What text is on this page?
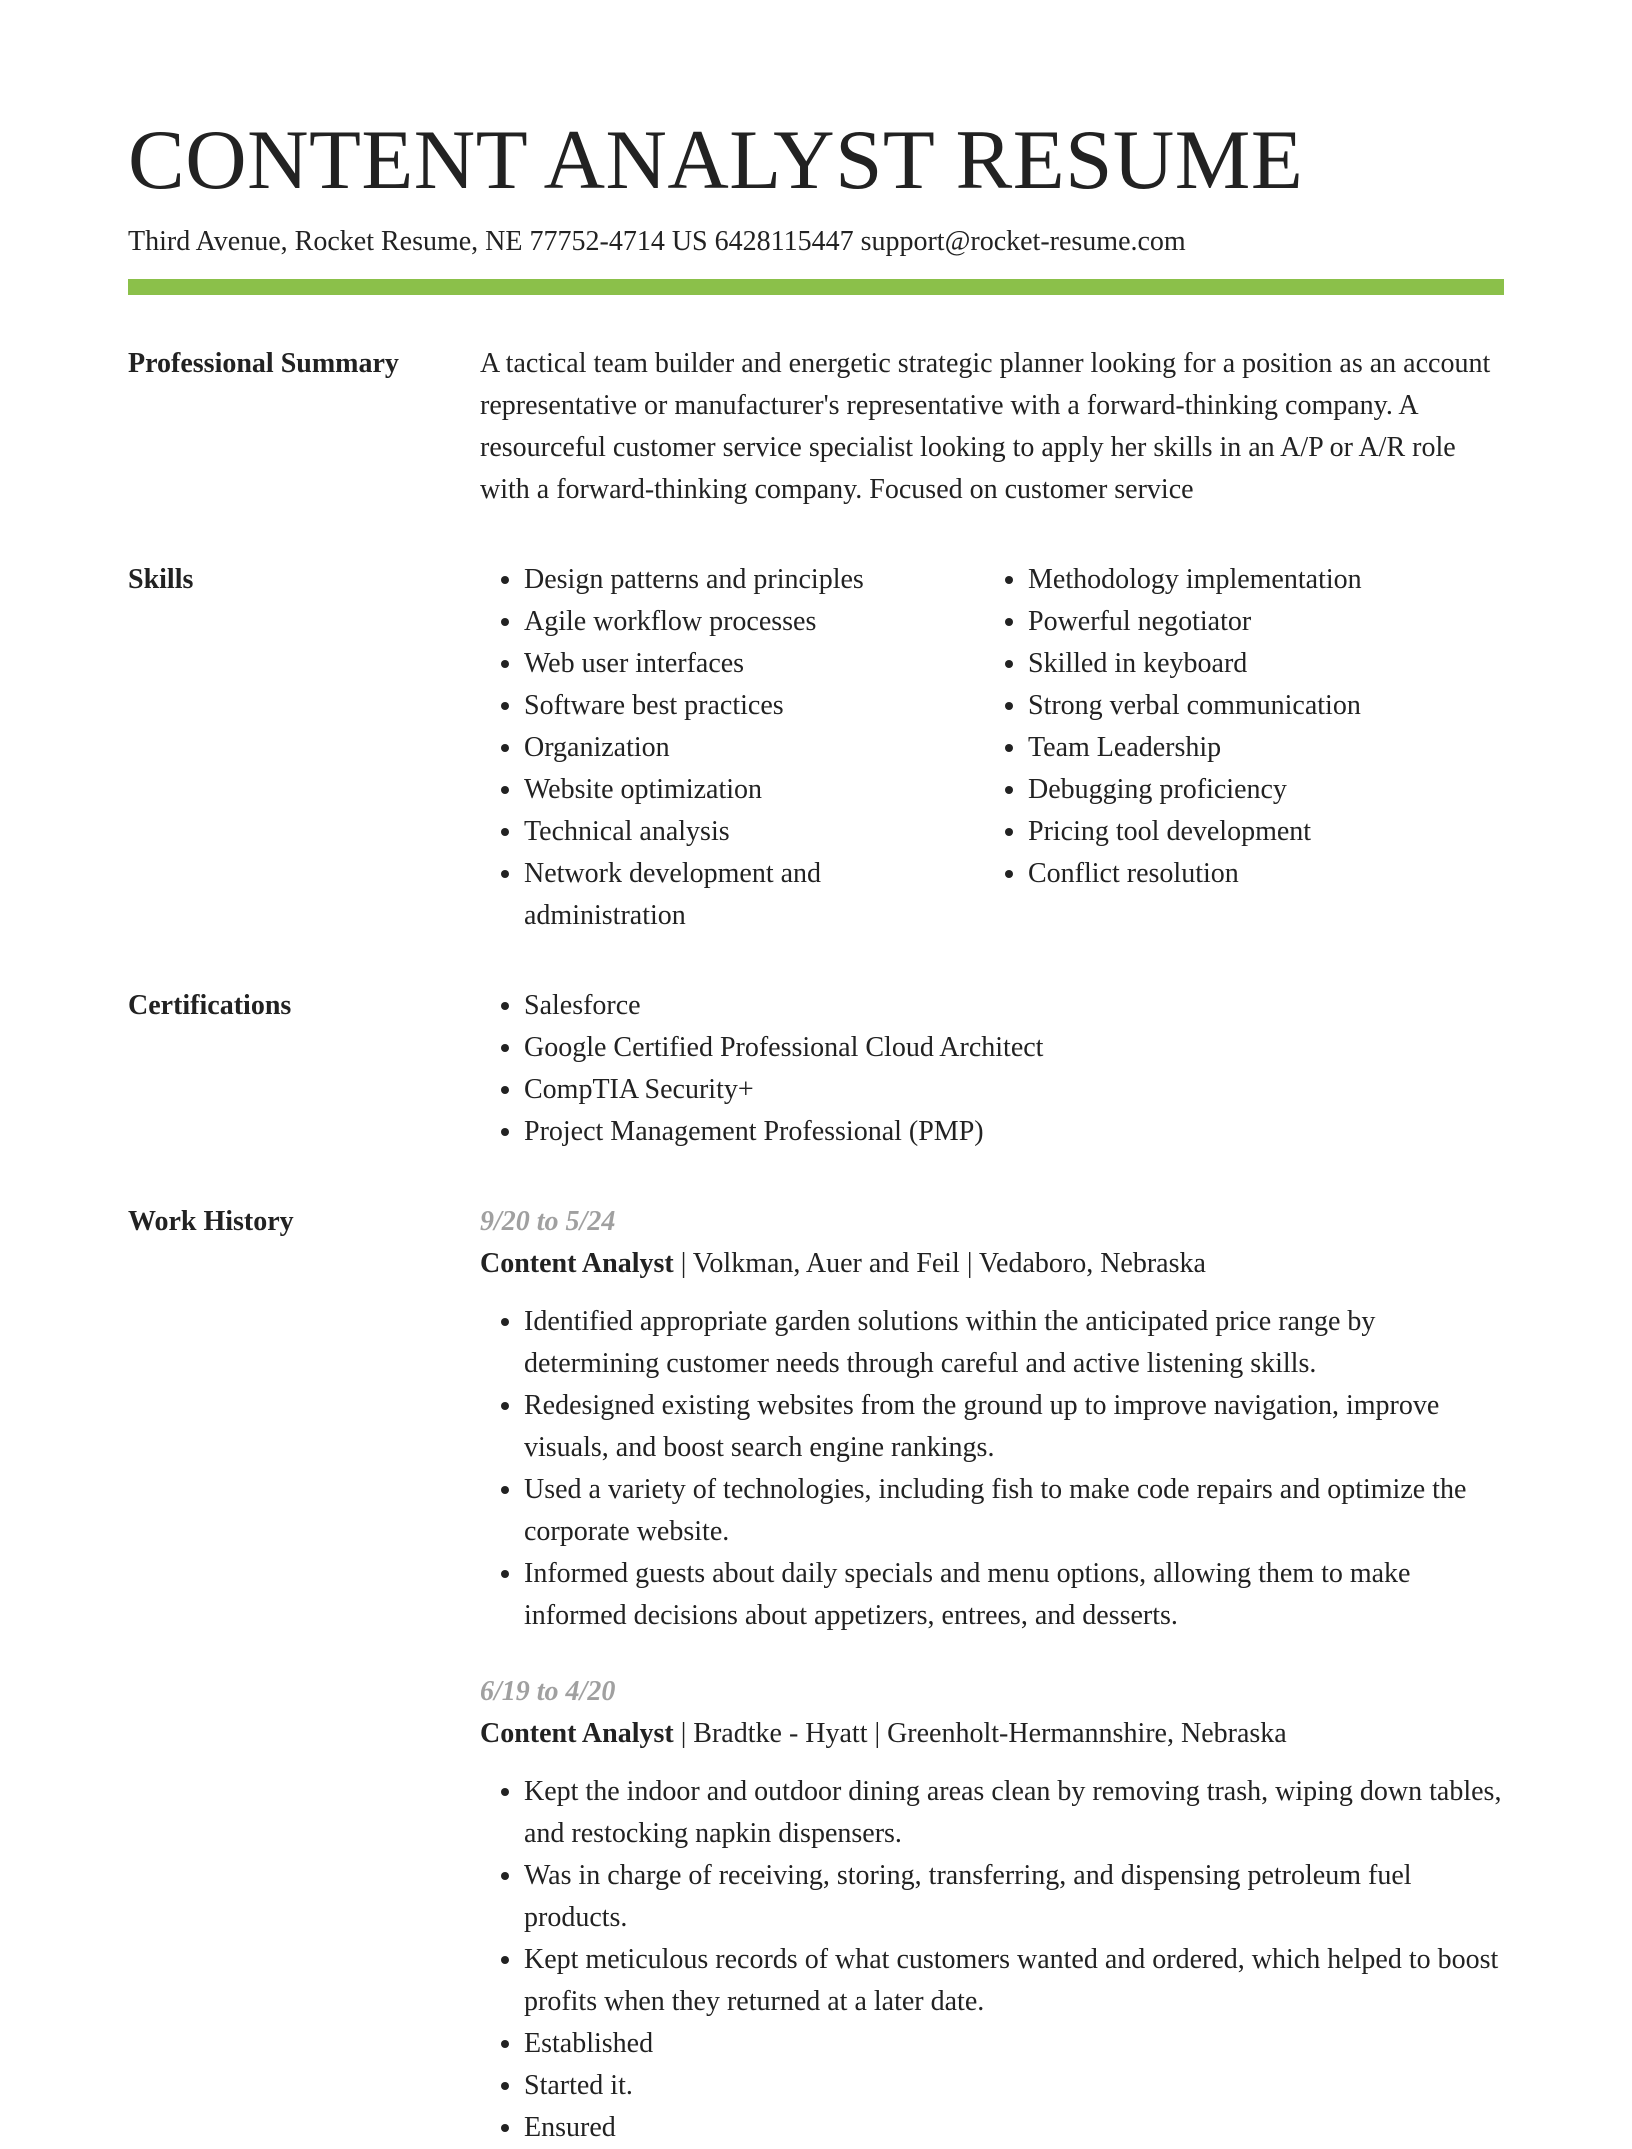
CONTENT ANALYST RESUME
Third Avenue, Rocket Resume, NE 77752-4714 US 6428115447 support@rocket-resume.com
Professional Summary	A tactical team builder and energetic strategic planner looking for a position as an account representative or manufacturer's representative with a forward-thinking company. A resourceful customer service specialist looking to apply her skills in an A/P or A/R role with a forward-thinking company. Focused on customer service

Skills	• Design patterns and principles
• Agile workflow processes
• Web user interfaces
• Software best practices
• Organization
• Website optimization
• Technical analysis
• Network development and administration
• Methodology implementation
• Powerful negotiator
• Skilled in keyboard
• Strong verbal communication
• Team Leadership
• Debugging proficiency
• Pricing tool development
• Conflict resolution
Certifications	• Salesforce
• Google Certified Professional Cloud Architect
• CompTIA Security+
• Project Management Professional (PMP)
Work History	9/20 to 5/24
Content Analyst | Volkman, Auer and Feil | Vedaboro, Nebraska
• Identified appropriate garden solutions within the anticipated price range by determining customer needs through careful and active listening skills.
• Redesigned existing websites from the ground up to improve navigation, improve visuals, and boost search engine rankings.
• Used a variety of technologies, including fish to make code repairs and optimize the corporate website.
• Informed guests about daily specials and menu options, allowing them to make informed decisions about appetizers, entrees, and desserts.
6/19 to 4/20
Content Analyst | Bradtke - Hyatt | Greenholt-Hermannshire, Nebraska
• Kept the indoor and outdoor dining areas clean by removing trash, wiping down tables, and restocking napkin dispensers.
• Was in charge of receiving, storing, transferring, and dispensing petroleum fuel products.
• Kept meticulous records of what customers wanted and ordered, which helped to boost profits when they returned at a later date.
• Established
• Started it.
• Ensured
